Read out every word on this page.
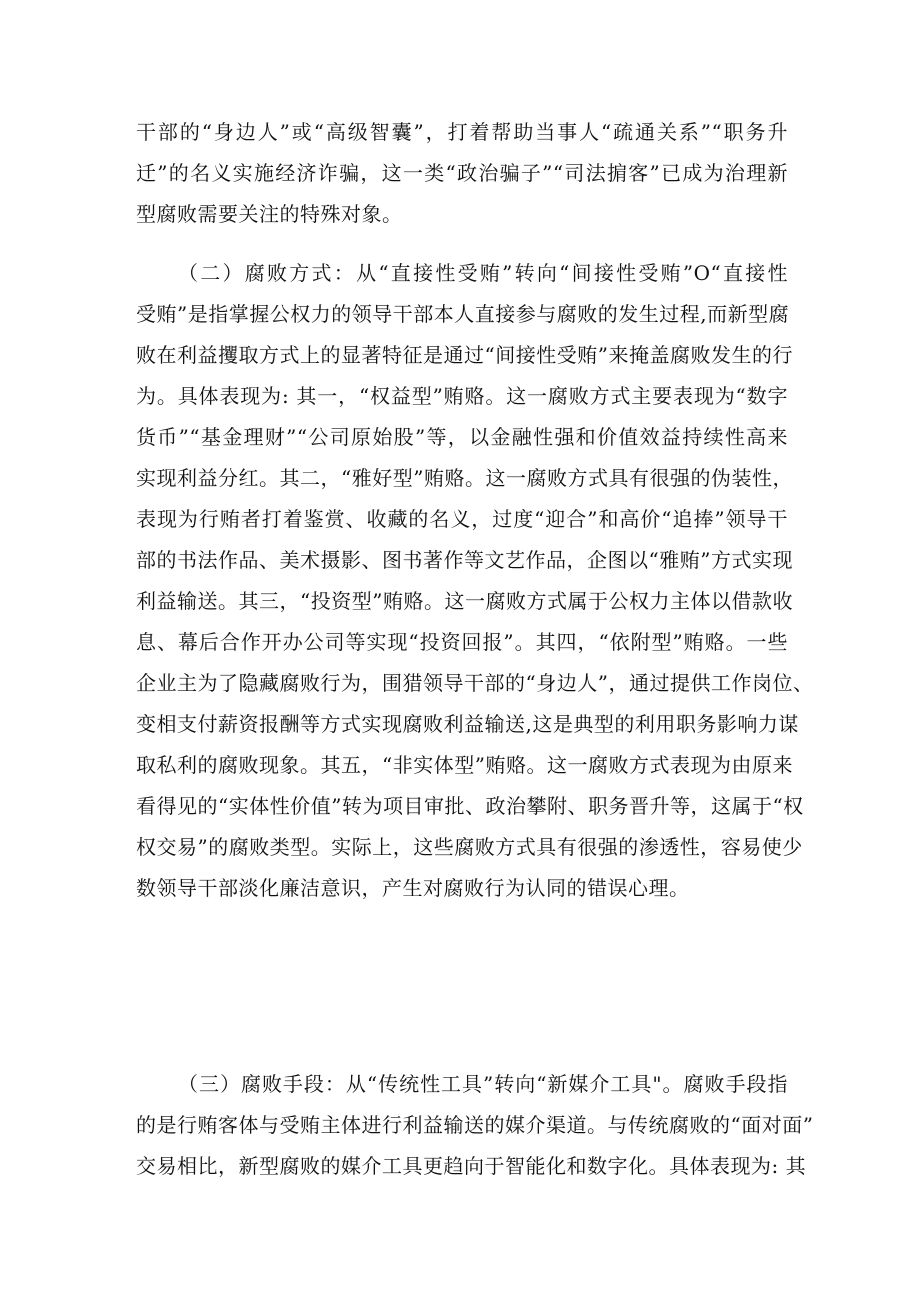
干部的“身边人”或“高级智囊”，打着帮助当事人“疏通关系”“职务升
迁”的名义实施经济诈骗，这一类“政治骗子”“司法掮客”已成为治理新
型腐败需要关注的特殊对象。
（二）腐败方式：从“直接性受贿”转向“间接性受贿”O“直接性
受贿”是指掌握公权力的领导干部本人直接参与腐败的发生过程,而新型腐
败在利益攫取方式上的显著特征是通过“间接性受贿”来掩盖腐败发生的行
为。具体表现为: 其一，“权益型”贿赂。这一腐败方式主要表现为“数字
货币”“基金理财”“公司原始股”等，以金融性强和价值效益持续性高来
实现利益分红。其二，“雅好型”贿赂。这一腐败方式具有很强的伪装性，
表现为行贿者打着鉴赏、收藏的名义，过度“迎合”和高价“追捧”领导干
部的书法作品、美术摄影、图书著作等文艺作品，企图以“雅贿”方式实现
利益输送。其三，“投资型”贿赂。这一腐败方式属于公权力主体以借款收
息、幕后合作开办公司等实现“投资回报”。其四，“依附型”贿赂。一些
企业主为了隐藏腐败行为，围猎领导干部的“身边人”，通过提供工作岗位、
变相支付薪资报酬等方式实现腐败利益输送,这是典型的利用职务影响力谋
取私利的腐败现象。其五，“非实体型”贿赂。这一腐败方式表现为由原来
看得见的“实体性价值”转为项目审批、政治攀附、职务晋升等，这属于“权
权交易”的腐败类型。实际上，这些腐败方式具有很强的渗透性，容易使少
数领导干部淡化廉洁意识，产生对腐败行为认同的错误心理。
（三）腐败手段：从“传统性工具”转向“新媒介工具"。腐败手段指
的是行贿客体与受贿主体进行利益输送的媒介渠道。与传统腐败的“面对面”
交易相比，新型腐败的媒介工具更趋向于智能化和数字化。具体表现为: 其
